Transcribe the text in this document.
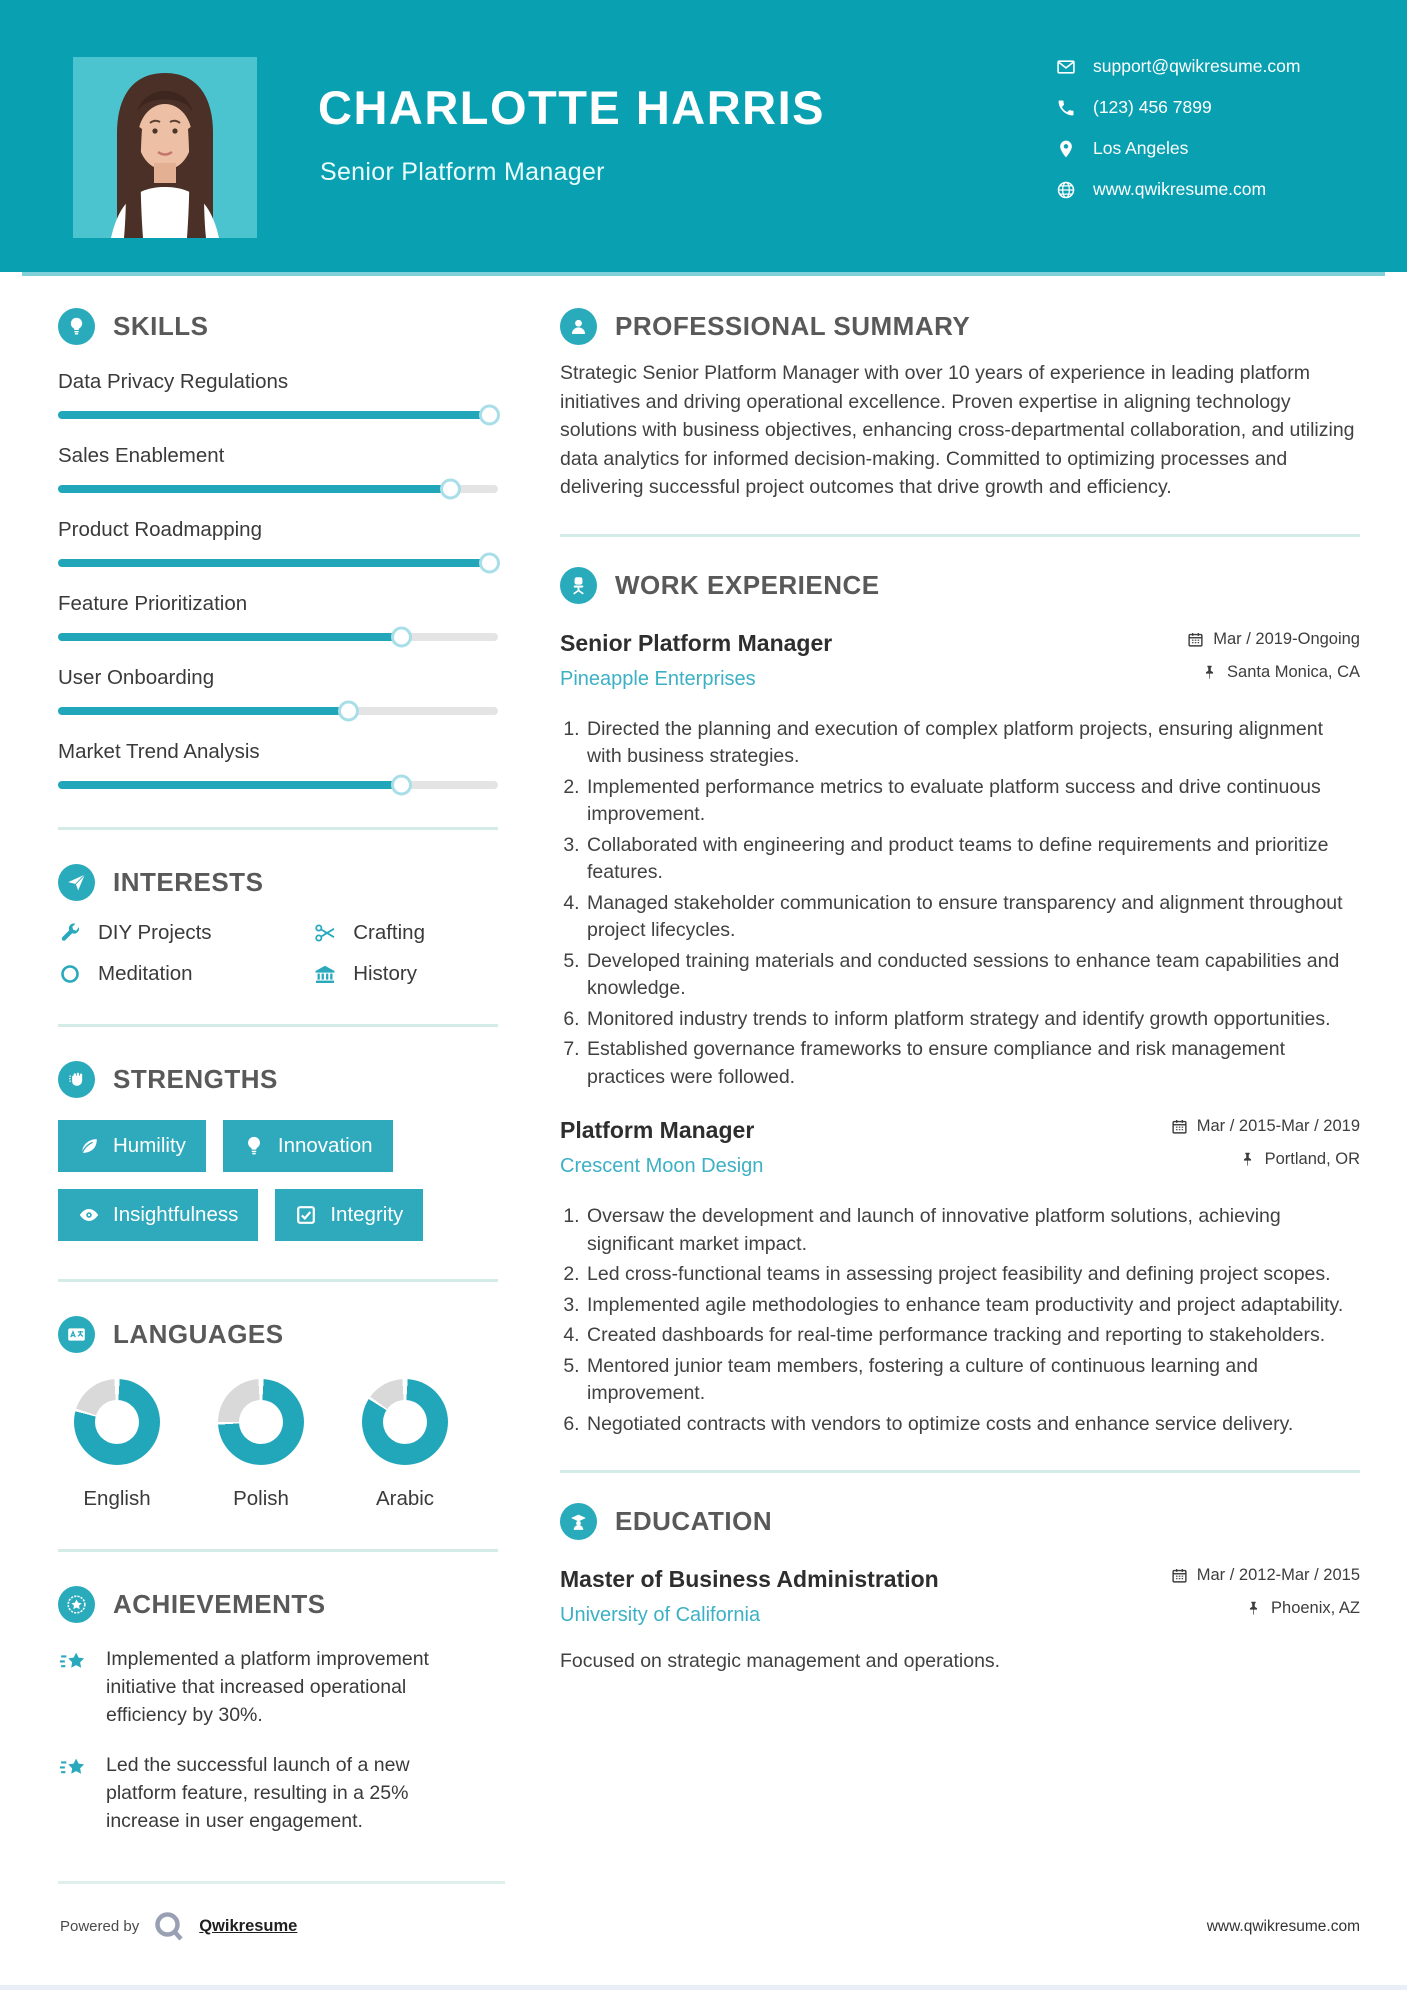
CHARLOTTE HARRIS
Senior Platform Manager
support@qwikresume.com
(123) 456 7899
Los Angeles
www.qwikresume.com
SKILLS
Data Privacy Regulations
Sales Enablement
Product Roadmapping
Feature Prioritization
User Onboarding
Market Trend Analysis
INTERESTS
DIY Projects	Crafting
Meditation	History
STRENGTHS
Humility	Innovation
Insightfulness	Integrity
LANGUAGES
English	Polish	Arabic
ACHIEVEMENTS
Implemented a platform improvement initiative that increased operational efficiency by 30%.
Led the successful launch of a new platform feature, resulting in a 25% increase in user engagement.
PROFESSIONAL SUMMARY
Strategic Senior Platform Manager with over 10 years of experience in leading platform initiatives and driving operational excellence. Proven expertise in aligning technology solutions with business objectives, enhancing cross-departmental collaboration, and utilizing data analytics for informed decision-making. Committed to optimizing processes and delivering successful project outcomes that drive growth and efficiency.
WORK EXPERIENCE
Senior Platform Manager
Pineapple Enterprises
Mar / 2019-Ongoing
Santa Monica, CA
1. Directed the planning and execution of complex platform projects, ensuring alignment with business strategies.
2. Implemented performance metrics to evaluate platform success and drive continuous improvement.
3. Collaborated with engineering and product teams to define requirements and prioritize features.
4. Managed stakeholder communication to ensure transparency and alignment throughout project lifecycles.
5. Developed training materials and conducted sessions to enhance team capabilities and knowledge.
6. Monitored industry trends to inform platform strategy and identify growth opportunities.
7. Established governance frameworks to ensure compliance and risk management practices were followed.
Platform Manager
Crescent Moon Design
Mar / 2015-Mar / 2019
Portland, OR
1. Oversaw the development and launch of innovative platform solutions, achieving significant market impact.
2. Led cross-functional teams in assessing project feasibility and defining project scopes.
3. Implemented agile methodologies to enhance team productivity and project adaptability.
4. Created dashboards for real-time performance tracking and reporting to stakeholders.
5. Mentored junior team members, fostering a culture of continuous learning and improvement.
6. Negotiated contracts with vendors to optimize costs and enhance service delivery.
EDUCATION
Master of Business Administration
University of California
Mar / 2012-Mar / 2015
Phoenix, AZ
Focused on strategic management and operations.
Powered by	Qwikresume	www.qwikresume.com
